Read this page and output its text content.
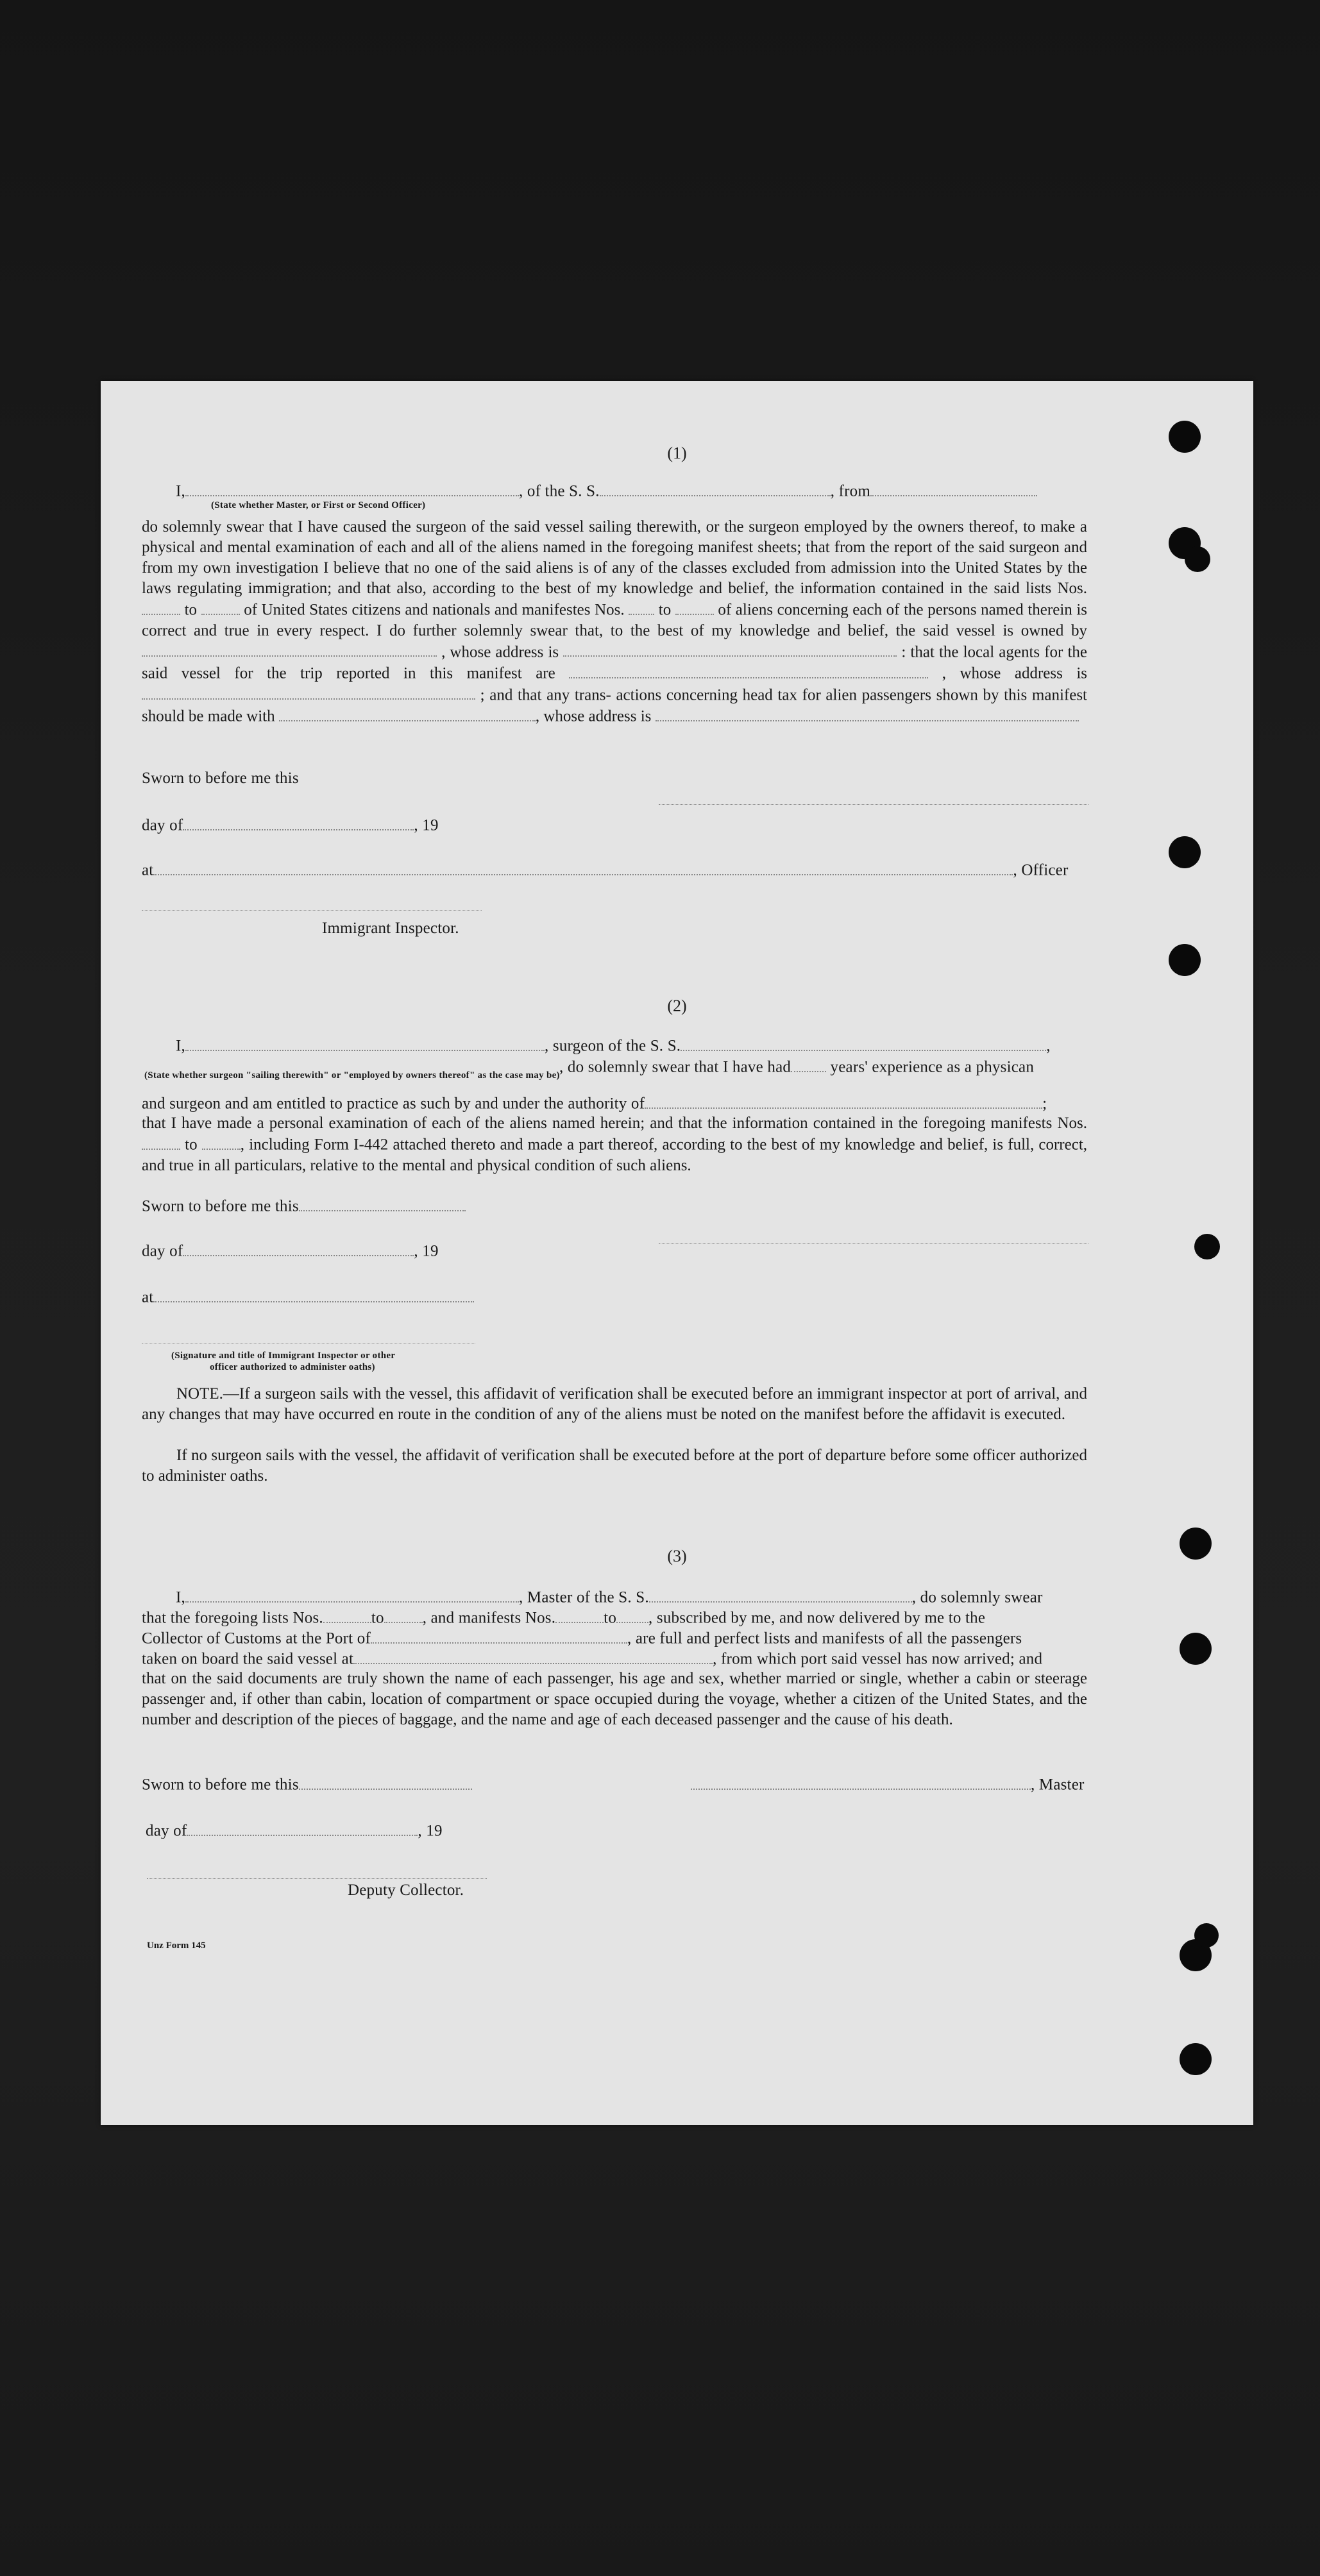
(1)
I,	, of the S. S.	, from
(State whether Master, or First or Second Officer)
do solemnly swear that I have caused the surgeon of the said vessel sailing therewith, or the surgeon employed by the owners thereof, to make a physical and mental examination of each and all of the aliens named in the foregoing manifest sheets; that from the report of the said surgeon and from my own investigation I believe that no one of the said aliens is of any of the classes excluded from admission into the United States by the laws regulating immigration; and that also, according to the best of my knowledge and belief, the information contained in the said lists Nos.  to	of United States citizens and nationals and manifestes Nos. to	of aliens concerning each of the persons named therein is correct and true in every respect. I do further solemnly swear that, to the best of my knowledge and belief, the said vessel is owned by  , whose address is	: that the local agents for the said vessel for the trip reported in this manifest are	, whose address is  ; and that any trans- actions concerning head tax for alien passengers shown by this manifest should be made with	, whose address is
Sworn to before me this
day of	, 19
at	, Officer
Immigrant Inspector.
(2)
I,	, surgeon of the S. S.	,
(State whether surgeon "sailing therewith" or "employed by owners thereof" as the case may be) , do solemnly swear that I have had years' experience as a physican
and surgeon and am entitled to practice as such by and under the authority of	;
that I have made a personal examination of each of the aliens named herein; and that the information contained in the foregoing manifests Nos.  to	, including Form I-442 attached thereto and made a part thereof, according to the best of my knowledge and belief, is full, correct, and true in all particulars, relative to the mental and physical condition of such aliens.
Sworn to before me this
day of	, 19
at
(Signature and title of Immigrant Inspector or other
officer authorized to administer oaths)
NOTE.—If a surgeon sails with the vessel, this affidavit of verification shall be executed before an immigrant inspector at port of arrival, and any changes that may have occurred en route in the condition of any of the aliens must be noted on the manifest before the affidavit is executed.
If no surgeon sails with the vessel, the affidavit of verification shall be executed before at the port of departure before some officer authorized to administer oaths.
(3)
I,	, Master of the S. S.	, do solemnly swear
that the foregoing lists Nos.	to , and manifests Nos.	to , subscribed by me, and now delivered by me to the
Collector of Customs at the Port of	, are full and perfect lists and manifests of all the passengers
taken on board the said vessel at	, from which port said vessel has now arrived; and
that on the said documents are truly shown the name of each passenger, his age and sex, whether married or single, whether a cabin or steerage passenger and, if other than cabin, location of compartment or space occupied during the voyage, whether a citizen of the United States, and the number and description of the pieces of baggage, and the name and age of each deceased passenger and the cause of his death.
Sworn to before me this	, Master
day of	, 19
Deputy Collector.
Unz Form 145
